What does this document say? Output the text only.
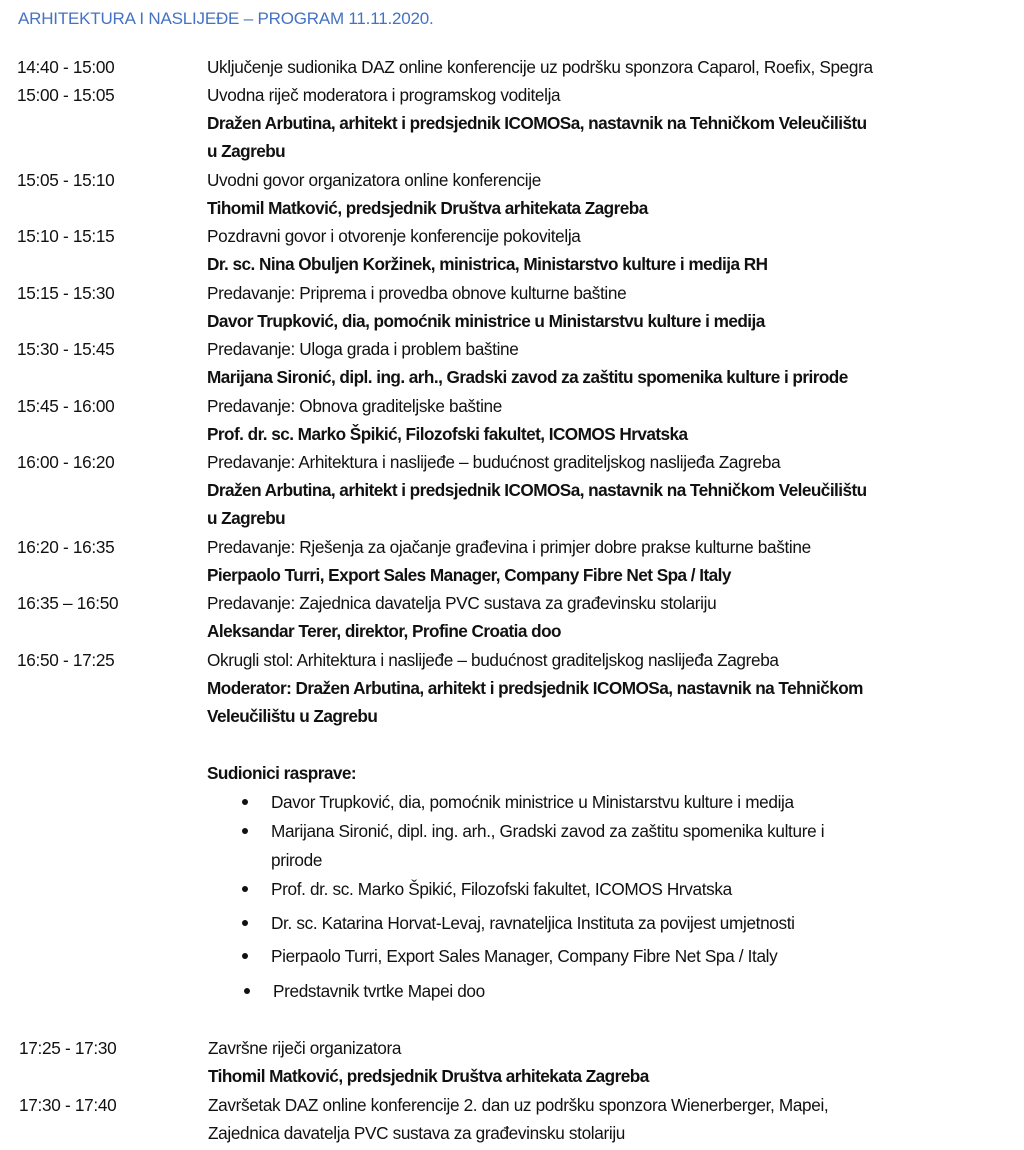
ARHITEKTURA I NASLIJEĐE – PROGRAM 11.11.2020.
14:40 - 15:00	Uključenje sudionika DAZ online konferencije uz podršku sponzora Caparol, Roefix, Spegra
15:00 - 15:05	Uvodna riječ moderatora i programskog voditelja
Dražen Arbutina, arhitekt i predsjednik ICOMOSa, nastavnik na Tehničkom Veleučilištu
u Zagrebu
15:05 - 15:10	Uvodni govor organizatora online konferencije
Tihomil Matković, predsjednik Društva arhitekata Zagreba
15:10 - 15:15	Pozdravni govor i otvorenje konferencije pokovitelja
Dr. sc. Nina Obuljen Koržinek, ministrica, Ministarstvo kulture i medija RH
15:15 - 15:30	Predavanje: Priprema i provedba obnove kulturne baštine
Davor Trupković, dia, pomoćnik ministrice u Ministarstvu kulture i medija
15:30 - 15:45	Predavanje: Uloga grada i problem baštine
Marijana Sironić, dipl. ing. arh., Gradski zavod za zaštitu spomenika kulture i prirode
15:45 - 16:00	Predavanje: Obnova graditeljske baštine
Prof. dr. sc. Marko Špikić, Filozofski fakultet, ICOMOS Hrvatska
16:00 - 16:20	Predavanje: Arhitektura i naslijeđe – budućnost graditeljskog naslijeđa Zagreba
Dražen Arbutina, arhitekt i predsjednik ICOMOSa, nastavnik na Tehničkom Veleučilištu
u Zagrebu
16:20 - 16:35	Predavanje: Rješenja za ojačanje građevina i primjer dobre prakse kulturne baštine
Pierpaolo Turri, Export Sales Manager, Company Fibre Net Spa / Italy
16:35 – 16:50	Predavanje: Zajednica davatelja PVC sustava za građevinsku stolariju
Aleksandar Terer, direktor, Profine Croatia doo
16:50 - 17:25	Okrugli stol: Arhitektura i naslijeđe – budućnost graditeljskog naslijeđa Zagreba
Moderator: Dražen Arbutina, arhitekt i predsjednik ICOMOSa, nastavnik na Tehničkom
Veleučilištu u Zagrebu
Sudionici rasprave:
Davor Trupković, dia, pomoćnik ministrice u Ministarstvu kulture i medija
Marijana Sironić, dipl. ing. arh., Gradski zavod za zaštitu spomenika kulture i
prirode
Prof. dr. sc. Marko Špikić, Filozofski fakultet, ICOMOS Hrvatska
Dr. sc. Katarina Horvat-Levaj, ravnateljica Instituta za povijest umjetnosti
Pierpaolo Turri, Export Sales Manager, Company Fibre Net Spa / Italy
Predstavnik tvrtke Mapei doo
17:25 - 17:30	Završne riječi organizatora
Tihomil Matković, predsjednik Društva arhitekata Zagreba
17:30 - 17:40	Završetak DAZ online konferencije 2. dan uz podršku sponzora Wienerberger, Mapei,
Zajednica davatelja PVC sustava za građevinsku stolariju
